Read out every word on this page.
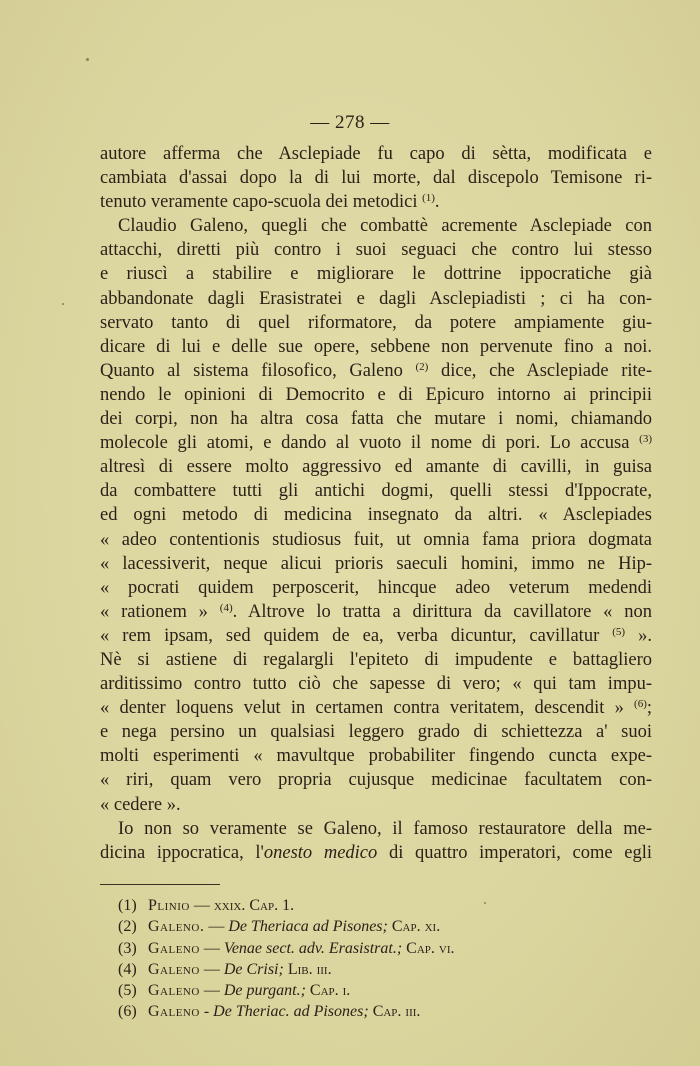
— 278 —
autore afferma che Asclepiade fu capo di sètta, modificata e
cambiata d'assai dopo la di lui morte, dal discepolo Temisone ri-
tenuto veramente capo-scuola dei metodici $^{(1)}$.
Claudio Galeno, quegli che combattè acremente Asclepiade con
attacchi, diretti più contro i suoi seguaci che contro lui stesso
e riuscì a stabilire e migliorare le dottrine ippocratiche già
abbandonate dagli Erasistratei e dagli Asclepiadisti ; ci ha con-
servato tanto di quel riformatore, da potere ampiamente giu-
dicare di lui e delle sue opere, sebbene non pervenute fino a noi.
Quanto al sistema filosofico, Galeno $^{(2)}$ dice, che Asclepiade rite-
nendo le opinioni di Democrito e di Epicuro intorno ai principii
dei corpi, non ha altra cosa fatta che mutare i nomi, chiamando
molecole gli atomi, e dando al vuoto il nome di pori. Lo accusa $^{(3)}$
altresì di essere molto aggressivo ed amante di cavilli, in guisa
da combattere tutti gli antichi dogmi, quelli stessi d'Ippocrate,
ed ogni metodo di medicina insegnato da altri. « Asclepiades
« adeo contentionis studiosus fuit, ut omnia fama priora dogmata
« lacessiverit, neque alicui prioris saeculi homini, immo ne Hip-
« pocrati quidem perposcerit, hincque adeo veterum medendi
« rationem » $^{(4)}$. Altrove lo tratta a dirittura da cavillatore « non
« rem ipsam, sed quidem de ea, verba dicuntur, cavillatur $^{(5)}$ ».
Nè si astiene di regalargli l'epiteto di impudente e battagliero
arditissimo contro tutto ciò che sapesse di vero; « qui tam impu-
« denter loquens velut in certamen contra veritatem, descendit » $^{(6)}$;
e nega persino un qualsiasi leggero grado di schiettezza a' suoi
molti esperimenti « mavultque probabiliter fingendo cuncta expe-
« riri, quam vero propria cujusque medicinae facultatem con-
« cedere ».
Io non so veramente se Galeno, il famoso restauratore della me-
dicina ippocratica, l'onesto medico di quattro imperatori, come egli
(1) Plinio — xxix. Cap. 1.
(2) Galeno. — De Theriaca ad Pisones; Cap. xi.
(3) Galeno — Venae sect. adv. Erasistrat.; Cap. vi.
(4) Galeno — De Crisi; Lib. iii.
(5) Galeno — De purgant.; Cap. i.
(6) Galeno - De Theriac. ad Pisones; Cap. iii.
